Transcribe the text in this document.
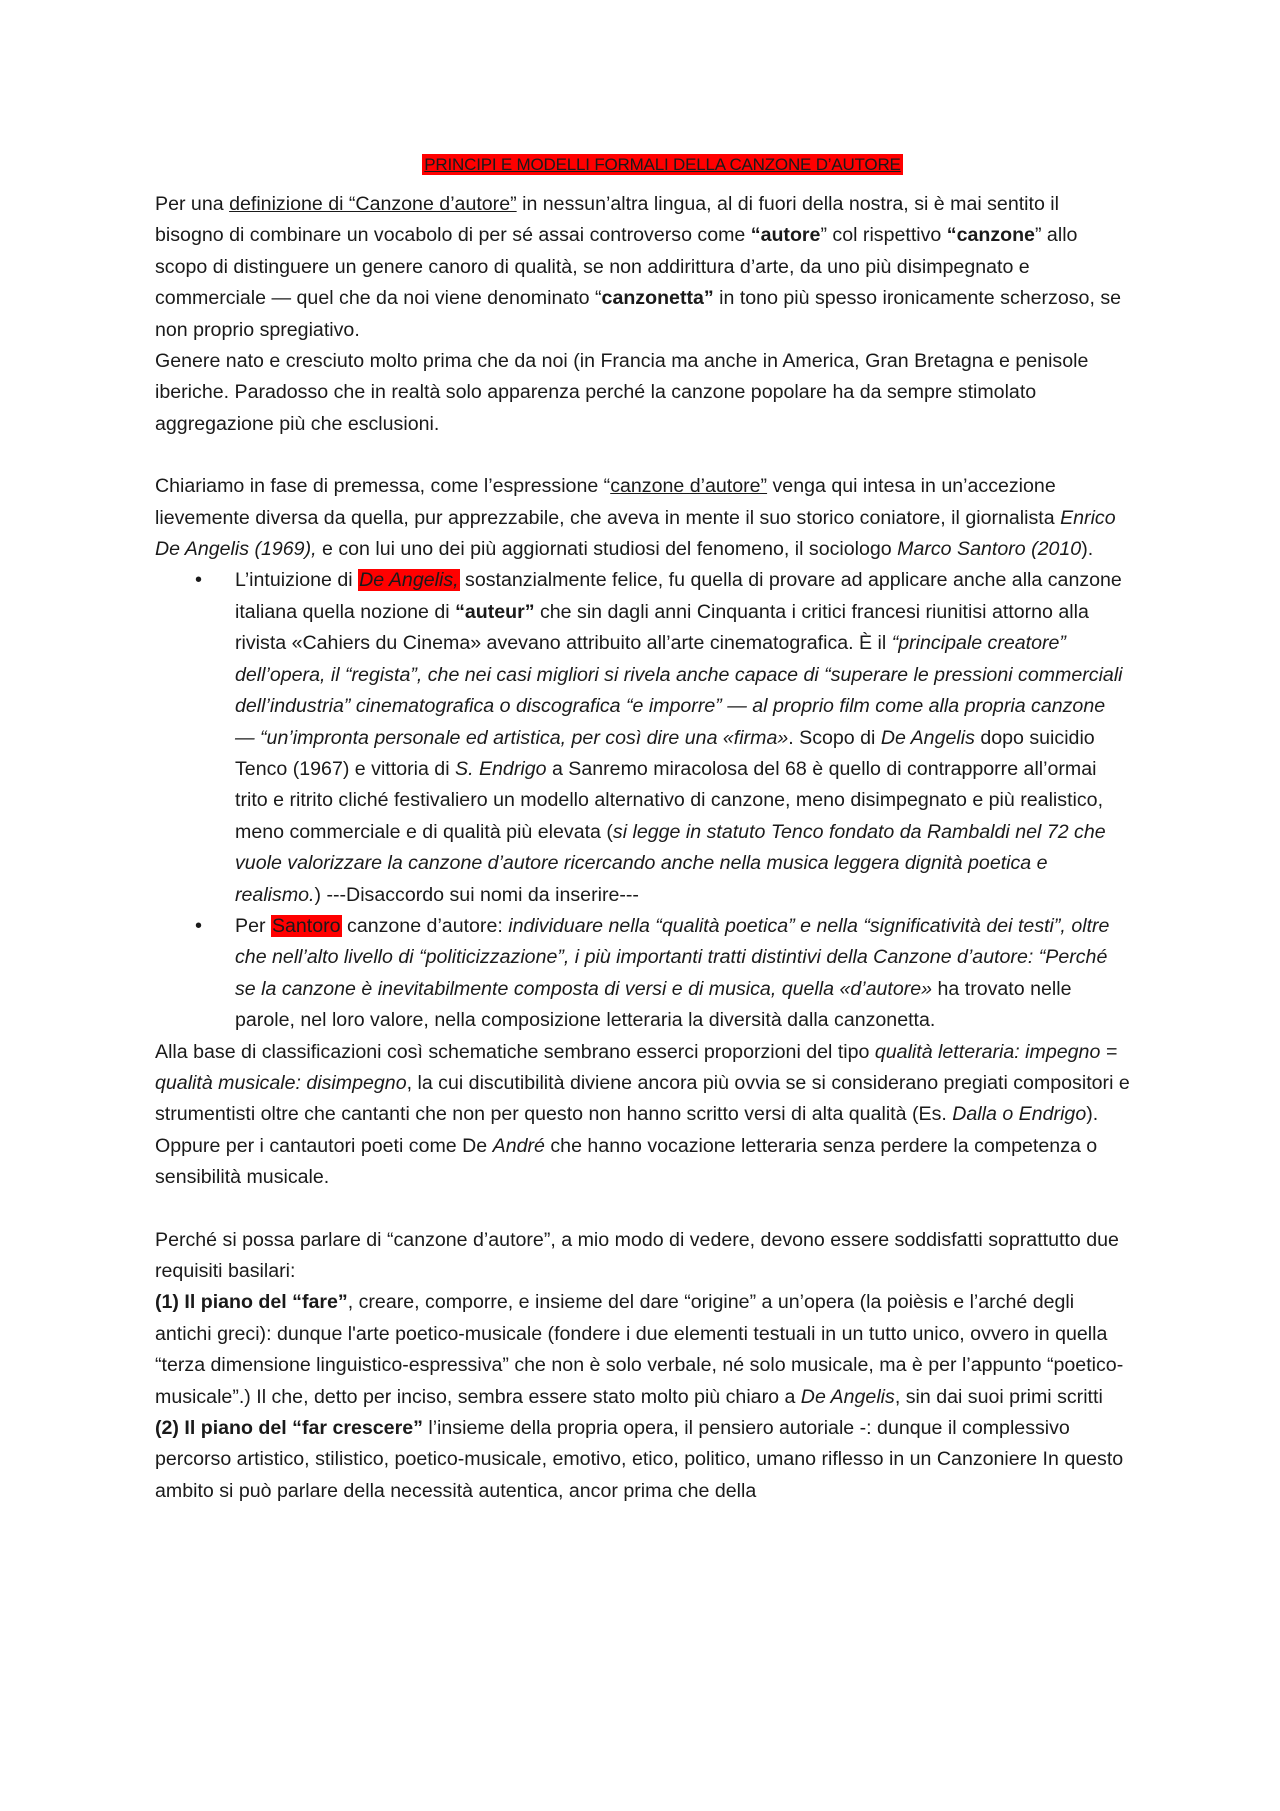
PRINCIPI E MODELLI FORMALI DELLA CANZONE D’AUTORE

Per una definizione di “Canzone d’autore” in nessun’altra lingua, al di fuori della nostra, si è mai sentito il bisogno di combinare un vocabolo di per sé assai controverso come “autore” col rispettivo “canzone” allo scopo di distinguere un genere canoro di qualità, se non addirittura d’arte, da uno più disimpegnato e commerciale — quel che da noi viene denominato “canzonetta” in tono più spesso ironicamente scherzoso, se non proprio spregiativo.

Genere nato e cresciuto molto prima che da noi (in Francia ma anche in America, Gran Bretagna e penisole iberiche. Paradosso che in realtà solo apparenza perché la canzone popolare ha da sempre stimolato aggregazione più che esclusioni.

Chiariamo in fase di premessa, come l’espressione “canzone d’autore” venga qui intesa in un’accezione lievemente diversa da quella, pur apprezzabile, che aveva in mente il suo storico coniatore, il giornalista Enrico De Angelis (1969), e con lui uno dei più aggiornati studiosi del fenomeno, il sociologo Marco Santoro (2010).

• L’intuizione di De Angelis, sostanzialmente felice, fu quella di provare ad applicare anche alla canzone italiana quella nozione di “auteur” che sin dagli anni Cinquanta i critici francesi riunitisi attorno alla rivista «Cahiers du Cinema» avevano attribuito all’arte cinematografica. È il “principale creatore” dell’opera, il “regista”, che nei casi migliori si rivela anche capace di “superare le pressioni commerciali dell’industria” cinematografica o discografica “e imporre” — al proprio film come alla propria canzone — “un’impronta personale ed artistica, per così dire una «firma». Scopo di De Angelis dopo suicidio Tenco (1967) e vittoria di S. Endrigo a Sanremo miracolosa del 68 è quello di contrapporre all’ormai trito e ritrito cliché festivaliero un modello alternativo di canzone, meno disimpegnato e più realistico, meno commerciale e di qualità più elevata (si legge in statuto Tenco fondato da Rambaldi nel 72 che vuole valorizzare la canzone d’autore ricercando anche nella musica leggera dignità poetica e realismo.) ---Disaccordo sui nomi da inserire---
• Per Santoro canzone d’autore: individuare nella “qualità poetica” e nella “significatività dei testi”, oltre che nell’alto livello di “politicizzazione”, i più importanti tratti distintivi della Canzone d’autore: “Perché se la canzone è inevitabilmente composta di versi e di musica, quella «d’autore» ha trovato nelle parole, nel loro valore, nella composizione letteraria la diversità dalla canzonetta.

Alla base di classificazioni così schematiche sembrano esserci proporzioni del tipo qualità letteraria: impegno = qualità musicale: disimpegno, la cui discutibilità diviene ancora più ovvia se si considerano pregiati compositori e strumentisti oltre che cantanti che non per questo non hanno scritto versi di alta qualità (Es. Dalla o Endrigo). Oppure per i cantautori poeti come De André che hanno vocazione letteraria senza perdere la competenza o sensibilità musicale.

Perché si possa parlare di “canzone d’autore”, a mio modo di vedere, devono essere soddisfatti soprattutto due requisiti basilari:

(1) Il piano del “fare”, creare, comporre, e insieme del dare “origine” a un’opera (la poièsis e l’arché degli antichi greci): dunque l'arte poetico-musicale (fondere i due elementi testuali in un tutto unico, ovvero in quella “terza dimensione linguistico-espressiva” che non è solo verbale, né solo musicale, ma è per l’appunto “poetico-musicale”.) Il che, detto per inciso, sembra essere stato molto più chiaro a De Angelis, sin dai suoi primi scritti

(2) Il piano del “far crescere” l’insieme della propria opera, il pensiero autoriale -: dunque il complessivo percorso artistico, stilistico, poetico-musicale, emotivo, etico, politico, umano riflesso in un Canzoniere In questo ambito si può parlare della necessità autentica, ancor prima che della
